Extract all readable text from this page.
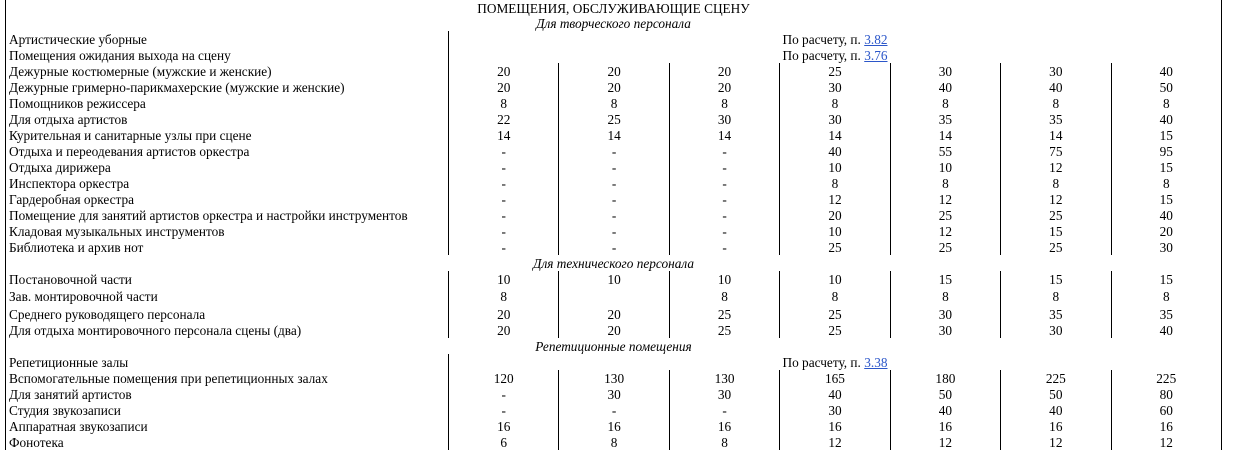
ПОМЕЩЕНИЯ, ОБСЛУЖИВАЮЩИЕ СЦЕНУ							
Для творческого персонала							
Артистические уборные	По расчету, п. 3.82						
Помещения ожидания выхода на сцену	По расчету, п. 3.76						
Дежурные костюмерные (мужские и женские)	20	20	20	25	30	30	40
Дежурные гримерно-парикмахерские (мужские и женские)	20	20	20	30	40	40	50
Помощников режиссера	8	8	8	8	8	8	8
Для отдыха артистов	22	25	30	30	35	35	40
Курительная и санитарные узлы при сцене	14	14	14	14	14	14	15
Отдыха и переодевания артистов оркестра	-	-	-	40	55	75	95
Отдыха дирижера	-	-	-	10	10	12	15
Инспектора оркестра	-	-	-	8	8	8	8
Гардеробная оркестра	-	-	-	12	12	12	15
Помещение для занятий артистов оркестра и настройки инструментов	-	-	-	20	25	25	40
Кладовая музыкальных инструментов	-	-	-	10	12	15	20
Библиотека и архив нот	-	-	-	25	25	25	30
Для технического персонала							
Постановочной части	10	10	10	10	15	15	15
Зав. монтировочной части	8		8	8	8	8	8
Среднего руководящего персонала	20	20	25	25	30	35	35
Для отдыха монтировочного персонала сцены (два)	20	20	25	25	30	30	40
Репетиционные помещения							
Репетиционные залы	По расчету, п. 3.38						
Вспомогательные помещения при репетиционных залах	120	130	130	165	180	225	225
Для занятий артистов	-	30	30	40	50	50	80
Студия звукозаписи	-	-	-	30	40	40	60
Аппаратная звукозаписи	16	16	16	16	16	16	16
Фонотека	6	8	8	12	12	12	12
